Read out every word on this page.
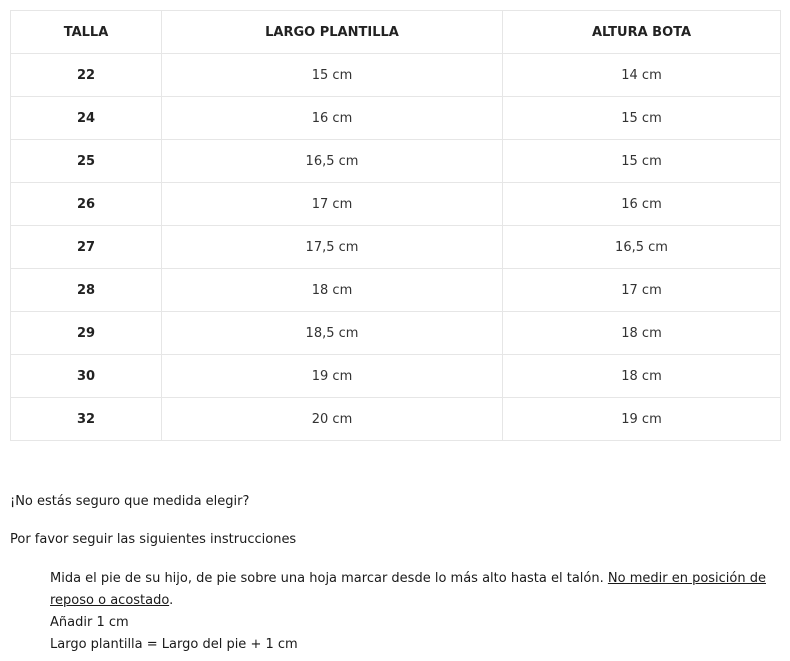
TALLA	LARGO PLANTILLA	ALTURA BOTA
22	15 cm	14 cm
24	16 cm	15 cm
25	16,5 cm	15 cm
26	17 cm	16 cm
27	17,5 cm	16,5 cm
28	18 cm	17 cm
29	18,5 cm	18 cm
30	19 cm	18 cm
32	20 cm	19 cm
¡No estás seguro que medida elegir?
Por favor seguir las siguientes instrucciones

Mida el pie de su hijo, de pie sobre una hoja marcar desde lo más alto hasta el talón. No medir en posición de reposo o acostado.

Añadir 1 cm

Largo plantilla = Largo del pie + 1 cm
